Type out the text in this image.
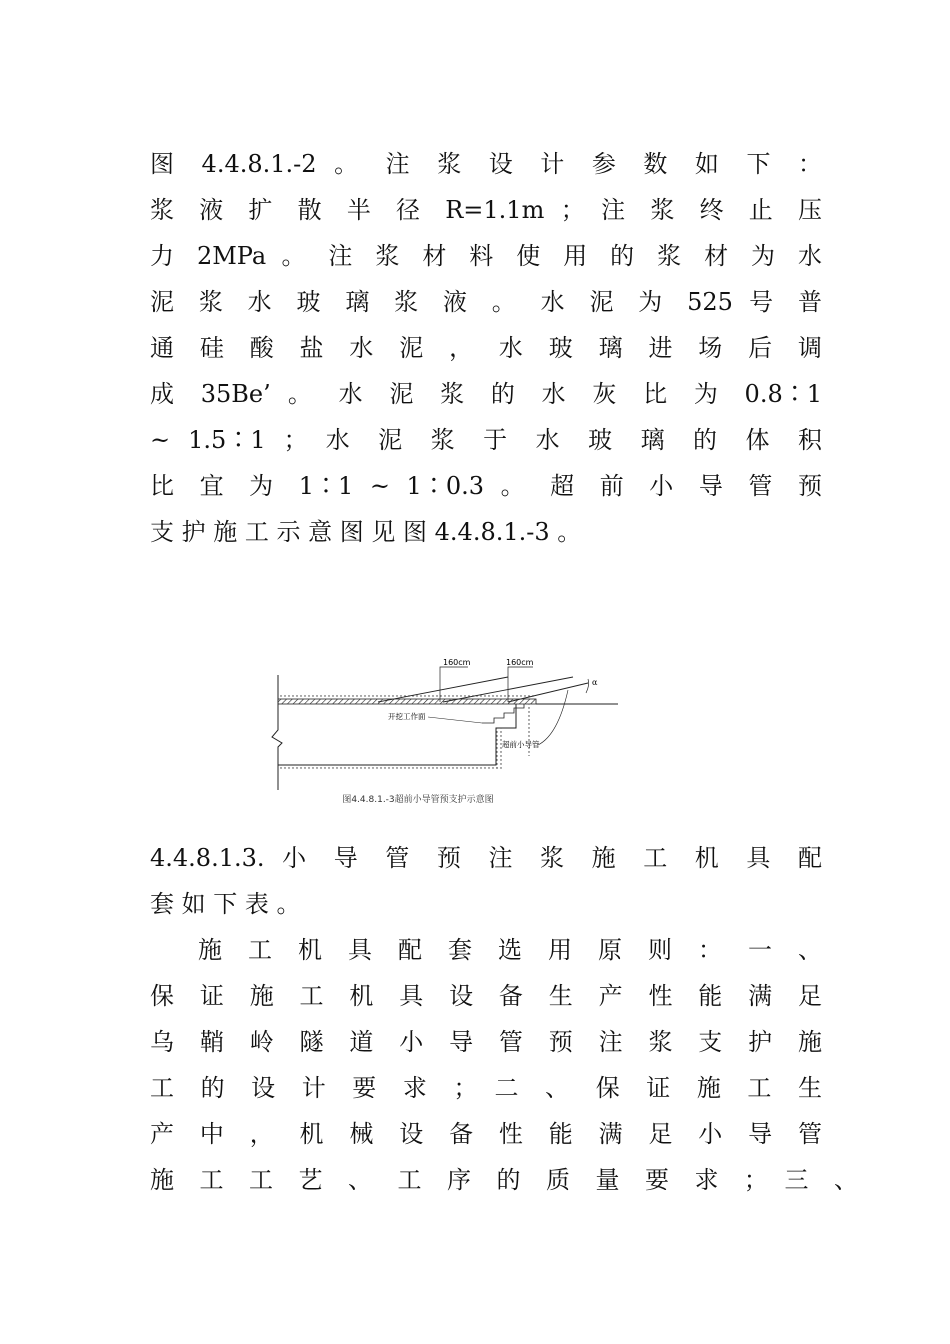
图 4.4.8.1.-2 。 注 浆 设 计 参 数 如 下 ：
浆 液 扩 散 半 径 R=1.1m ； 注 浆 终 止 压
力 2MPa 。 注 浆 材 料 使 用 的 浆 材 为 水
泥 浆 水 玻 璃 浆 液 。 水 泥 为 525 号 普
通 硅 酸 盐 水 泥 ， 水 玻 璃 进 场 后 调
成 35Be’ 。 水 泥 浆 的 水 灰 比 为 0.8∶1
~ 1.5∶1 ； 水 泥 浆 于 水 玻 璃 的 体 积
比 宜 为 1∶1 ~ 1∶0.3 。 超 前 小 导 管 预
支 护 施 工 示 意 图 见 图 4.4.8.1.-3 。
160cm	160cm
α
开挖工作面
超前小导管
图4.4.8.1.-3超前小导管预支护示意图
4.4.8.1.3. 小 导 管 预 注 浆 施 工 机 具 配
套 如 下 表 。
施 工 机 具 配 套 选 用 原 则 ： 一 、
保 证 施 工 机 具 设 备 生 产 性 能 满 足
乌 鞘 岭 隧 道 小 导 管 预 注 浆 支 护 施
工 的 设 计 要 求 ； 二 、 保 证 施 工 生
产 中 ， 机 械 设 备 性 能 满 足 小 导 管
施 工 工 艺 、 工 序 的 质 量 要 求 ； 三 、
